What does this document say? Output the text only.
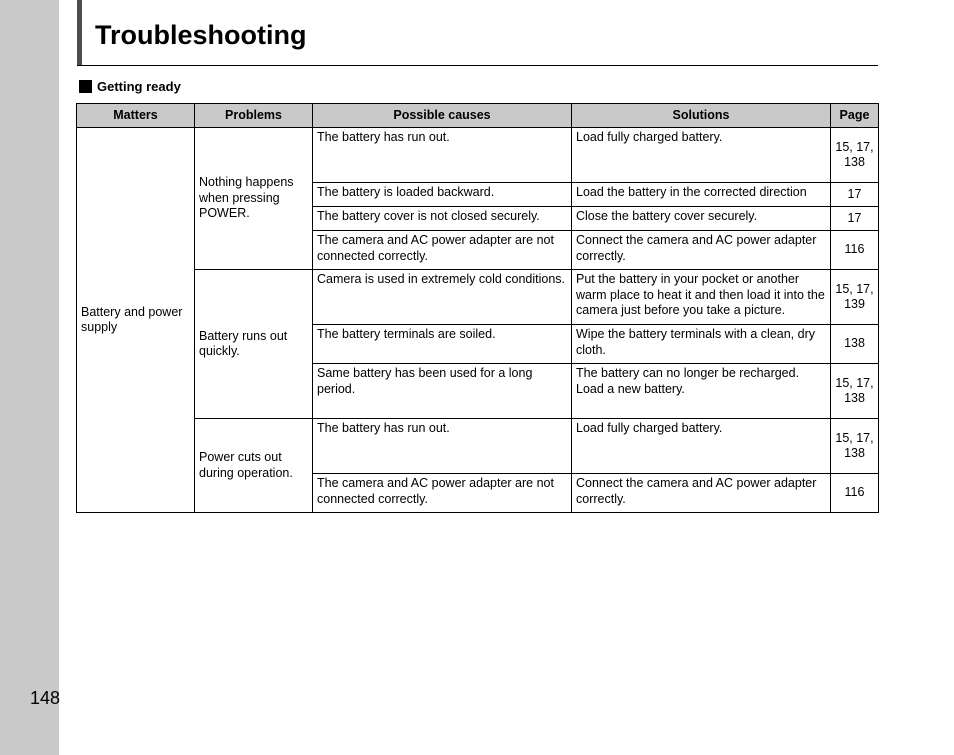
148
Troubleshooting
Getting ready
Matters	Problems	Possible causes	Solutions	Page
Battery and power supply	Nothing happens when pressing POWER.	The battery has run out.	Load fully charged battery.	15, 17, 138
		The battery is loaded backward.	Load the battery in the corrected direction	17
		The battery cover is not closed securely.	Close the battery cover securely.	17
		The camera and AC power adapter are not connected correctly.	Connect the camera and AC power adapter correctly.	116
	Battery runs out quickly.	Camera is used in extremely cold conditions.	Put the battery in your pocket or another warm place to heat it and then load it into the camera just before you take a picture.	15, 17, 139
		The battery terminals are soiled.	Wipe the battery terminals with a clean, dry cloth.	138
		Same battery has been used for a long period.	The battery can no longer be recharged. Load a new battery.	15, 17, 138
	Power cuts out during operation.	The battery has run out.	Load fully charged battery.	15, 17, 138
		The camera and AC power adapter are not connected correctly.	Connect the camera and AC power adapter correctly.	116
